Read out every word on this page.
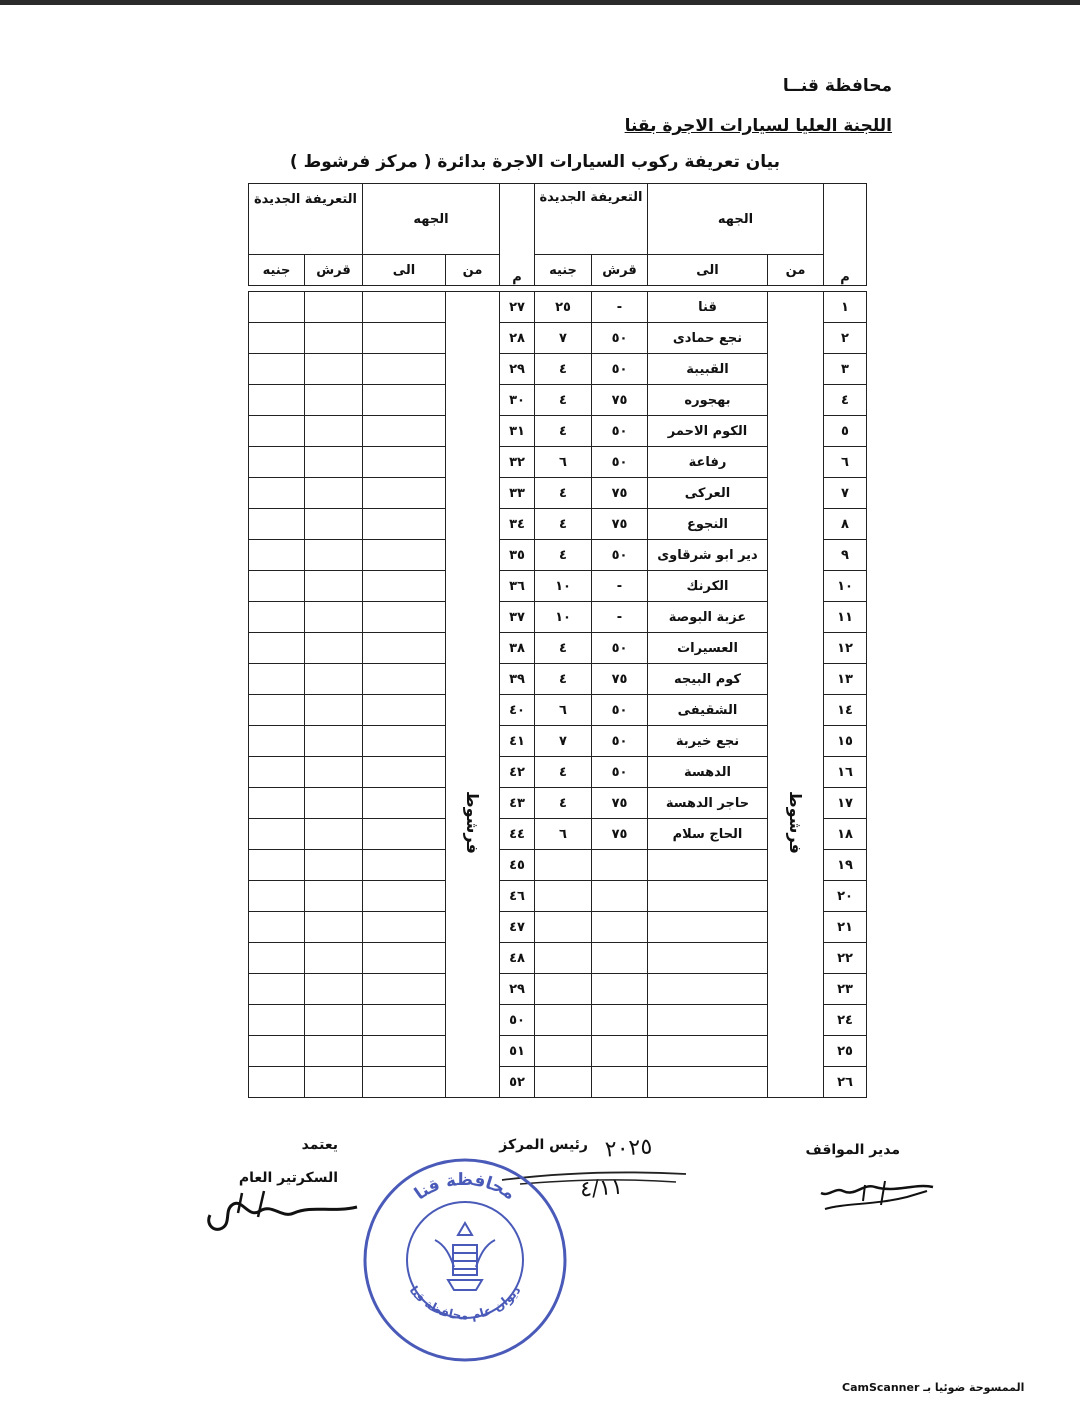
محافظة قنــا
اللجنة العليا لسيارات الاجرة بقنا
بيان تعريفة ركوب السيارات الاجرة بدائرة ( مركز فرشوط )
التعريفة الجديدة		الجهه		م	التعريفة الجديدة		الجهه		م
جنيه	قرش	الى	من		جنيه	قرش	الى	من	

			فرشوط	٢٧	٢٥	-	قنا	فرشوط	١
				٢٨	٧	٥٠	نجع حمادى		٢
				٢٩	٤	٥٠	القبيبة		٣
				٣٠	٤	٧٥	بهجوره		٤
				٣١	٤	٥٠	الكوم الاحمر		٥
				٣٢	٦	٥٠	رفاعة		٦
				٣٣	٤	٧٥	العركى		٧
				٣٤	٤	٧٥	النجوع		٨
				٣٥	٤	٥٠	دير ابو شرقاوى		٩
				٣٦	١٠	-	الكرنك		١٠
				٣٧	١٠	-	عزبة البوصة		١١
				٣٨	٤	٥٠	العسيرات		١٢
				٣٩	٤	٧٥	كوم البيجه		١٣
				٤٠	٦	٥٠	الشقيفى		١٤
				٤١	٧	٥٠	نجع خيربة		١٥
				٤٢	٤	٥٠	الدهسة		١٦
				٤٣	٤	٧٥	حاجر الدهسة		١٧
				٤٤	٦	٧٥	الحاج سلام		١٨
				٤٥					١٩
				٤٦					٢٠
				٤٧					٢١
				٤٨					٢٢
				٢٩					٢٣
				٥٠					٢٤
				٥١					٢٥
				٥٢					٢٦
مدير المواقف
رئيس المركز
يعتمد
السكرتير العام
٢٠٢٥
٤/١١
محافظة قنا
ديوان عام محافظة قنا
الممسوحة ضوئيا بـ CamScanner
